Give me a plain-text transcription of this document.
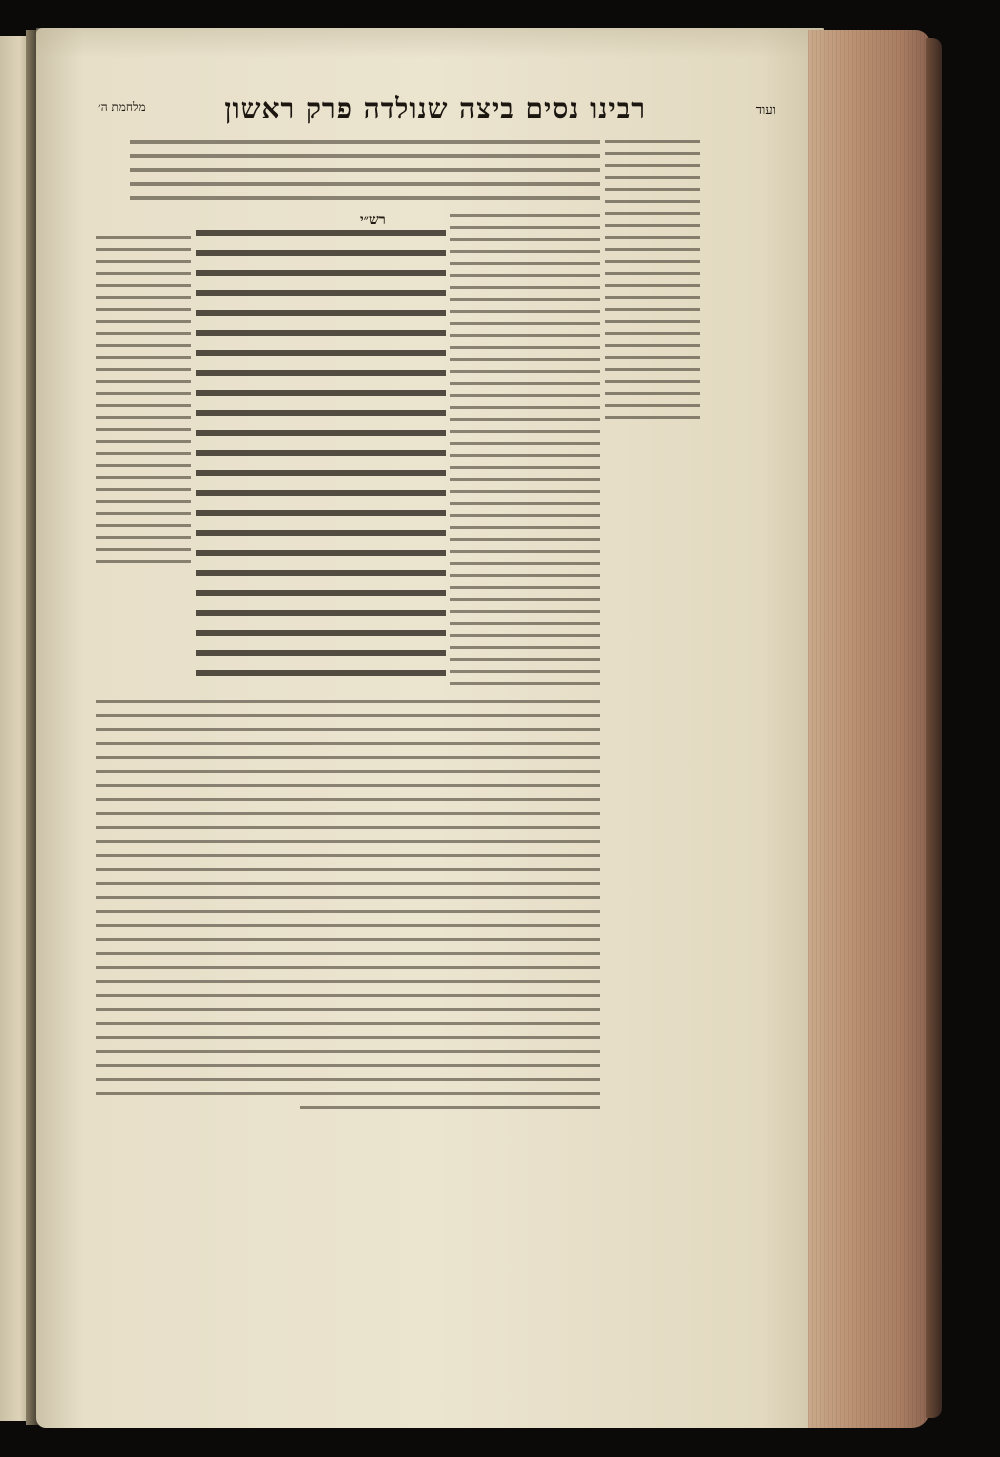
מלחמת ה׳	רבינו נסים ביצה שנולדה פרק ראשון	ועוד
רש״י
